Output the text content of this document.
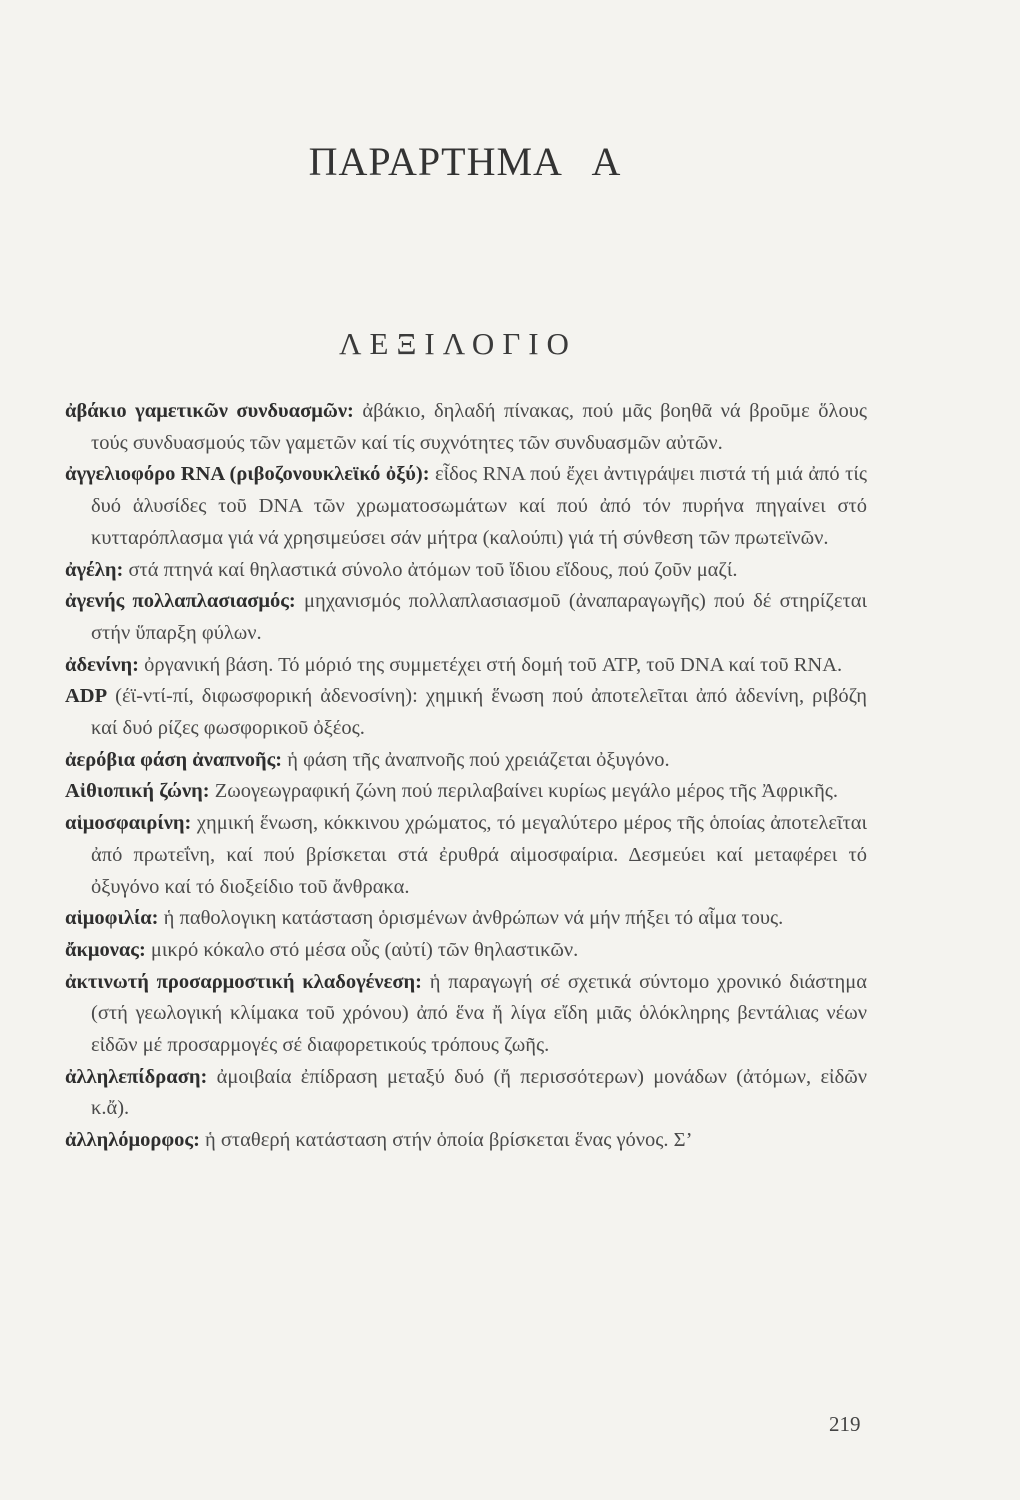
ΠΑΡΑΡΤΗΜΑ Α
ΛΕΞΙΛΟΓΙΟ

ἀβάκιο γαμετικῶν συνδυασμῶν: ἀβάκιο, δηλαδή πίνακας, πού μᾶς βοηθᾶ νά βροῦμε ὅλους τούς συνδυασμούς τῶν γαμετῶν καί τίς συχνότητες τῶν συνδυασμῶν αὐτῶν.

ἀγγελιοφόρο RNA (ριβοζονουκλεϊκό ὀξύ): εἶδος RNA πού ἔχει ἀντιγράψει πιστά τή μιά ἀπό τίς δυό ἁλυσίδες τοῦ DNA τῶν χρωματοσωμάτων καί πού ἀπό τόν πυρήνα πηγαίνει στό κυτταρόπλασμα γιά νά χρησιμεύσει σάν μήτρα (καλούπι) γιά τή σύνθεση τῶν πρωτεϊνῶν.

ἀγέλη: στά πτηνά καί θηλαστικά σύνολο ἀτόμων τοῦ ἴδιου εἴδους, πού ζοῦν μαζί.

ἀγενής πολλαπλασιασμός: μηχανισμός πολλαπλασιασμοῦ (ἀναπαραγωγῆς) πού δέ στηρίζεται στήν ὕπαρξη φύλων.

ἀδενίνη: ὀργανική βάση. Τό μόριό της συμμετέχει στή δομή τοῦ ATP, τοῦ DNA καί τοῦ RNA.

ADP (έϊ-ντί-πί, διφωσφορική ἀδενοσίνη): χημική ἕνωση πού ἀποτελεῖται ἀπό ἀδενίνη, ριβόζη καί δυό ρίζες φωσφορικοῦ ὀξέος.

ἀερόβια φάση ἀναπνοῆς: ἡ φάση τῆς ἀναπνοῆς πού χρειάζεται ὀξυγόνο.

Αἰθιοπική ζώνη: Ζωογεωγραφική ζώνη πού περιλαβαίνει κυρίως μεγάλο μέρος τῆς Ἀφρικῆς.

αἱμοσφαιρίνη: χημική ἕνωση, κόκκινου χρώματος, τό μεγαλύτερο μέρος τῆς ὁποίας ἀποτελεῖται ἀπό πρωτεΐνη, καί πού βρίσκεται στά ἐρυθρά αἱμοσφαίρια. Δεσμεύει καί μεταφέρει τό ὀξυγόνο καί τό διοξείδιο τοῦ ἄνθρακα.

αἱμοφιλία: ἡ παθολογικη κατάσταση ὁρισμένων ἀνθρώπων νά μήν πήξει τό αἷμα τους.

ἄκμονας: μικρό κόκαλο στό μέσα οὖς (αὐτί) τῶν θηλαστικῶν.

ἀκτινωτή προσαρμοστική κλαδογένεση: ἡ παραγωγή σέ σχετικά σύντομο χρονικό διάστημα (στή γεωλογική κλίμακα τοῦ χρόνου) ἀπό ἕνα ἤ λίγα εἴδη μιᾶς ὁλόκληρης βεντάλιας νέων εἰδῶν μέ προσαρμογές σέ διαφορετικούς τρόπους ζωῆς.

ἀλληλεπίδραση: ἀμοιβαία ἐπίδραση μεταξύ δυό (ἤ περισσότερων) μονάδων (ἀτόμων, εἰδῶν κ.ἄ).

ἀλληλόμορφος: ἡ σταθερή κατάσταση στήν ὁποία βρίσκεται ἕνας γόνος. Σ’

219
